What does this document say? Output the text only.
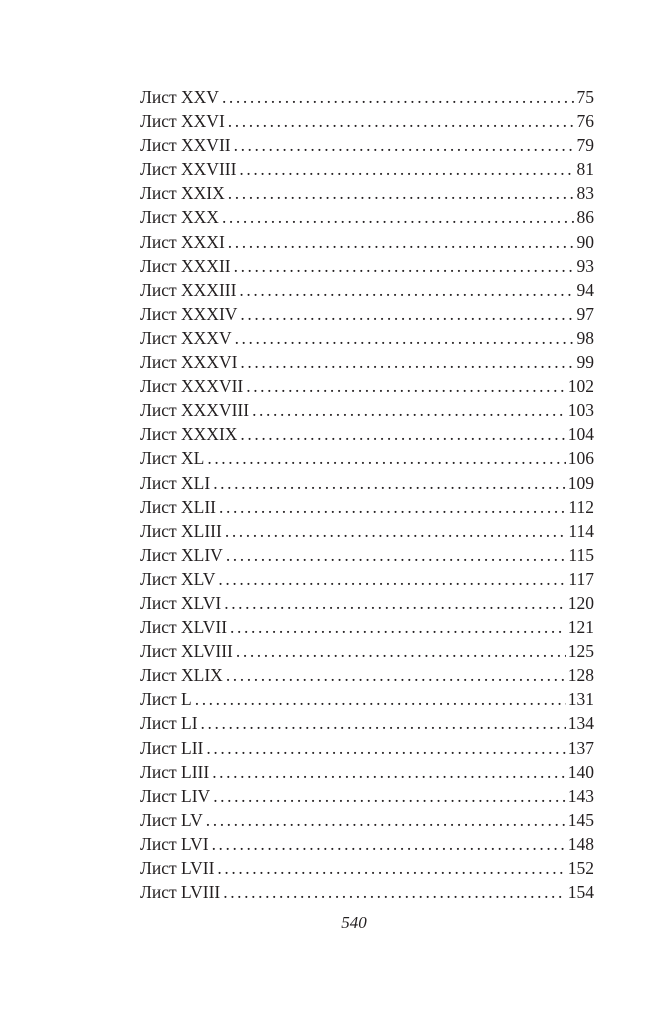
Лист XXV .....	75
Лист XXVI .....	76
Лист XXVII .....	79
Лист XXVIII .....	81
Лист XXIX .....	83
Лист XXX .....	86
Лист XXXI .....	90
Лист XXXII .....	93
Лист XXXIII .....	94
Лист XXXIV .....	97
Лист XXXV .....	98
Лист XXXVI .....	99
Лист XXXVII .....	102
Лист XXXVIII .....	103
Лист XXXIX .....	104
Лист XL .....	106
Лист XLI .....	109
Лист XLII .....	112
Лист XLIII .....	114
Лист XLIV .....	115
Лист XLV .....	117
Лист XLVI .....	120
Лист XLVII .....	121
Лист XLVIII .....	125
Лист XLIX .....	128
Лист L .....	131
Лист LI .....	134
Лист LII .....	137
Лист LIII .....	140
Лист LIV .....	143
Лист LV .....	145
Лист LVI .....	148
Лист LVII .....	152
Лист LVIII .....	154
540
